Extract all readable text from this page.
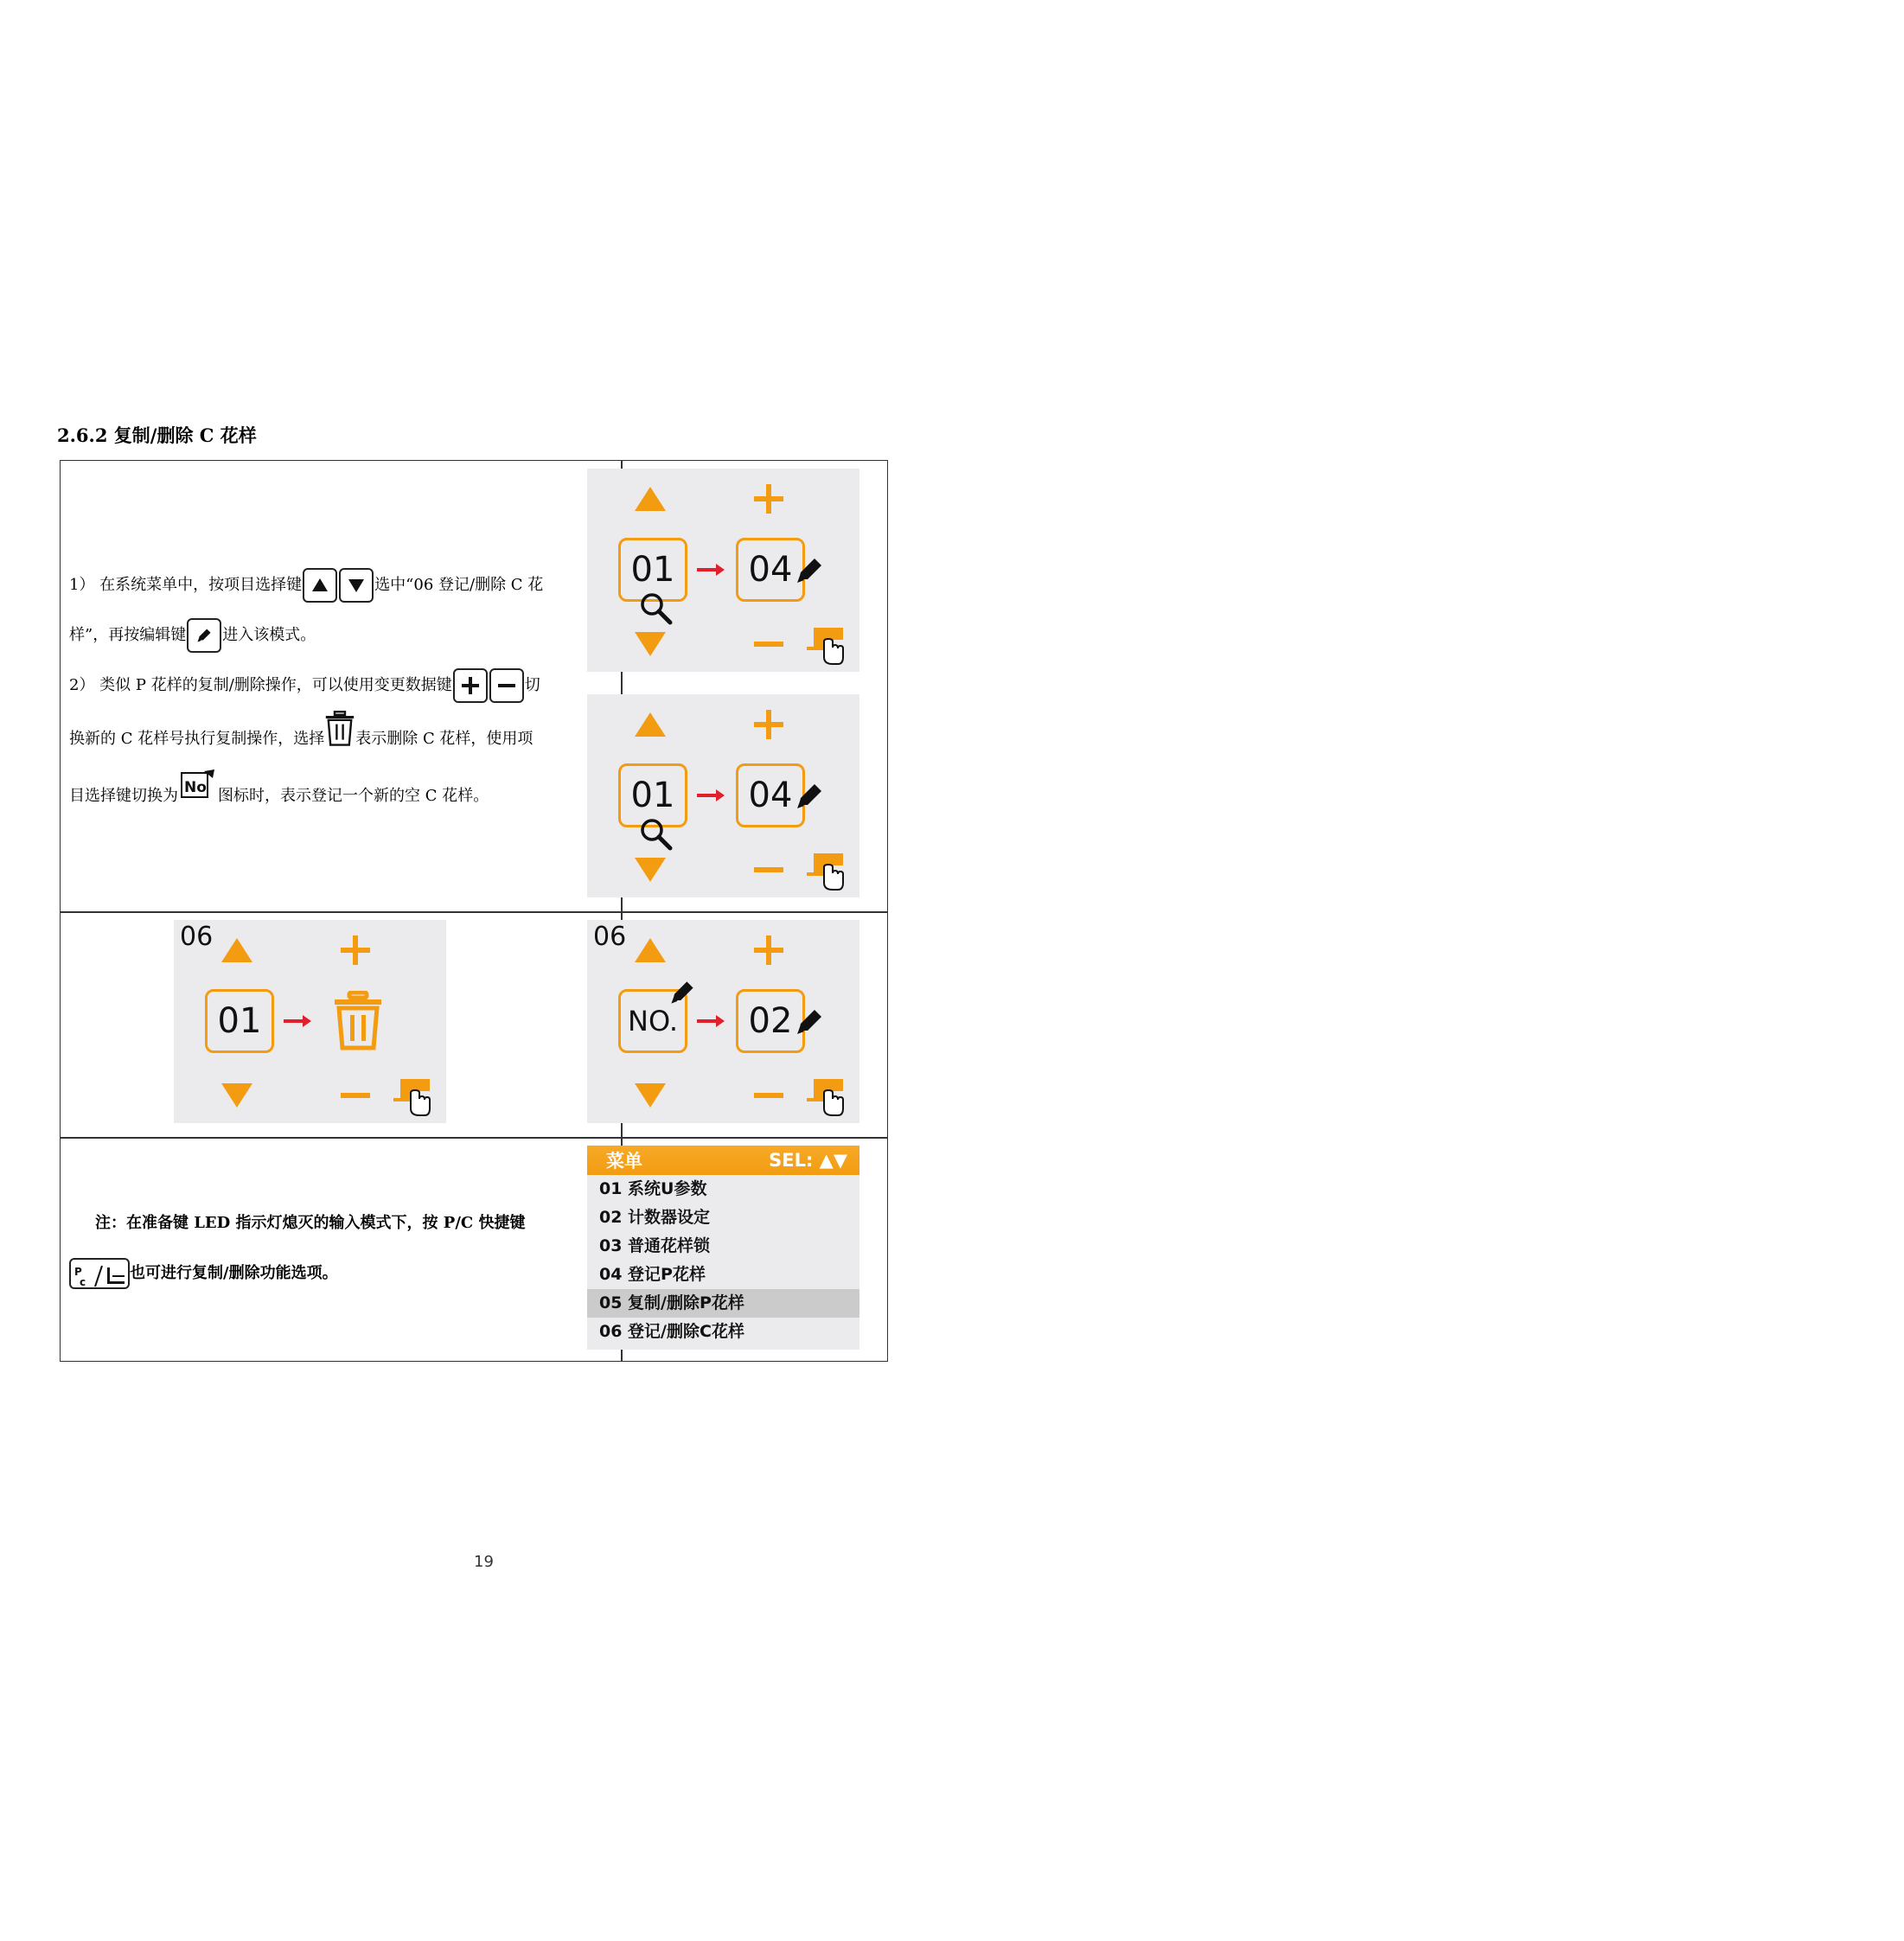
2.6.2 复制/删除 C 花样
1） 在系统菜单中，按项目选择键	选中“06 登记/删除 C 花
样”，再按编辑键 进入该模式。
2） 类似 P 花样的复制/删除操作，可以使用变更数据键	切
换新的 C 花样号执行复制操作，选择 表示删除 C 花样，使用项
目选择键切换为 No 图标时，表示登记一个新的空 C 花样。
注：在准备键 LED 指示灯熄灭的输入模式下，按 P/C 快捷键
P
c	也可进行复制/删除功能选项。
01 04
01 04
06
01
06
NO. 02
菜单	SEL: ▲▼
01 系统U参数
02 计数器设定
03 普通花样锁
04 登记P花样
05 复制/删除P花样
06 登记/删除C花样
19
